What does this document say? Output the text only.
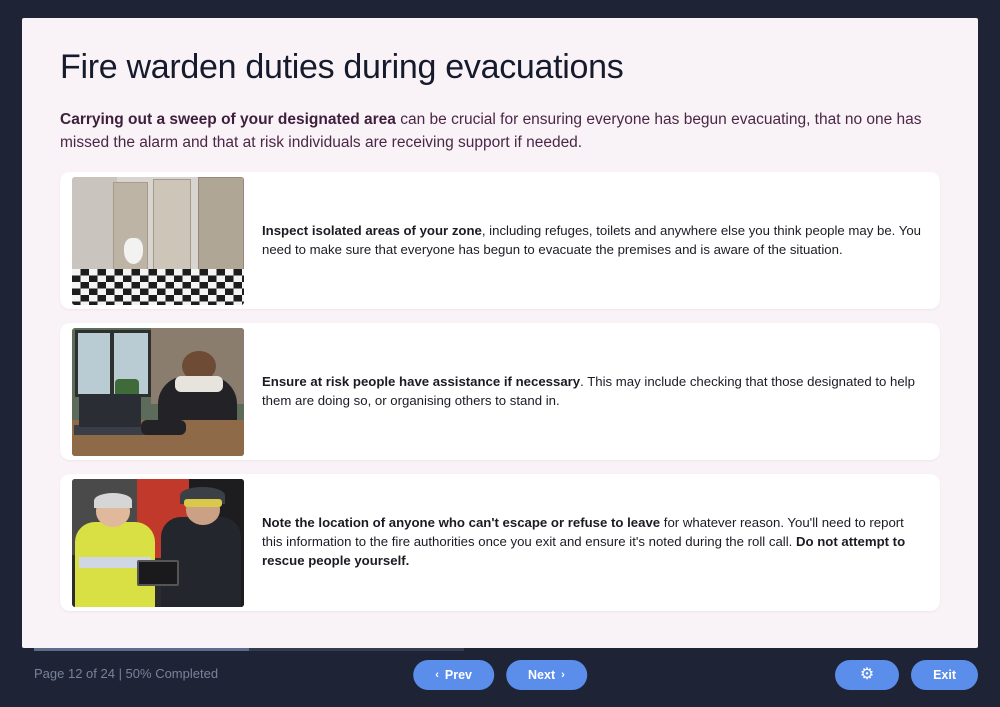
Fire warden duties during evacuations

Carrying out a sweep of your designated area can be crucial for ensuring everyone has begun evacuating, that no one has missed the alarm and that at risk individuals are receiving support if needed.

Inspect isolated areas of your zone, including refuges, toilets and anywhere else you think people may be. You need to make sure that everyone has begun to evacuate the premises and is aware of the situation.
Ensure at risk people have assistance if necessary. This may include checking that those designated to help them are doing so, or organising others to stand in.
Note the location of anyone who can't escape or refuse to leave for whatever reason. You'll need to report this information to the fire authorities once you exit and ensure it's noted during the roll call. Do not attempt to rescue people yourself.
Page 12 of 24 | 50% Completed	‹ Prev	Next ›	⚙	Exit
